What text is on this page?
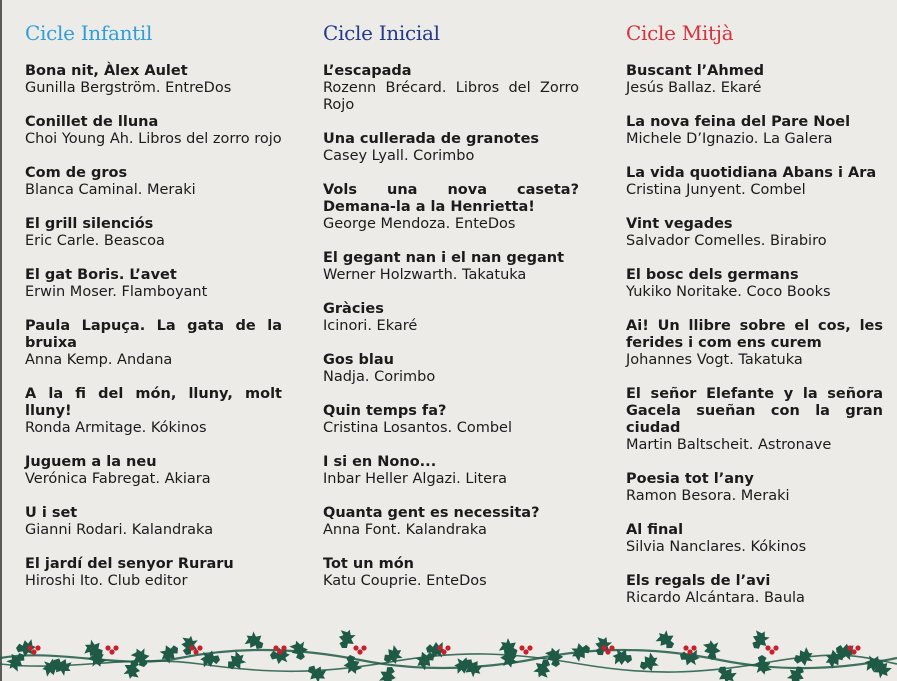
Cicle Infantil

Bona nit, Àlex Aulet

Gunilla Bergström. EntreDos

Conillet de lluna

Choi Young Ah. Libros del zorro rojo

Com de gros

Blanca Caminal. Meraki

El grill silenciós

Eric Carle. Beascoa

El gat Boris. L’avet

Erwin Moser. Flamboyant

Paula Lapuça. La gata de la bruixa

Anna Kemp. Andana

A la fi del món, lluny, molt lluny!

Ronda Armitage. Kókinos

Juguem a la neu

Verónica Fabregat. Akiara

U i set

Gianni Rodari. Kalandraka

El jardí del senyor Ruraru

Hiroshi Ito. Club editor

Cicle Inicial

L’escapada

Rozenn Brécard. Libros del Zorro Rojo

Una cullerada de granotes

Casey Lyall. Corimbo

Vols una nova caseta? Demana-la a la Henrietta!

George Mendoza. EnteDos

El gegant nan i el nan gegant

Werner Holzwarth. Takatuka

Gràcies

Icinori. Ekaré

Gos blau

Nadja. Corimbo

Quin temps fa?

Cristina Losantos. Combel

I si en Nono...

Inbar Heller Algazi. Litera

Quanta gent es necessita?

Anna Font. Kalandraka

Tot un món

Katu Couprie. EnteDos

Cicle Mitjà

Buscant l’Ahmed

Jesús Ballaz. Ekaré

La nova feina del Pare Noel

Michele D’Ignazio. La Galera

La vida quotidiana Abans i Ara

Cristina Junyent. Combel

Vint vegades

Salvador Comelles. Birabiro

El bosc dels germans

Yukiko Noritake. Coco Books

Ai! Un llibre sobre el cos, les ferides i com ens curem

Johannes Vogt. Takatuka

El señor Elefante y la señora Gacela sueñan con la gran ciudad

Martin Baltscheit. Astronave

Poesia tot l’any

Ramon Besora. Meraki

Al final

Silvia Nanclares. Kókinos

Els regals de l’avi

Ricardo Alcántara. Baula
